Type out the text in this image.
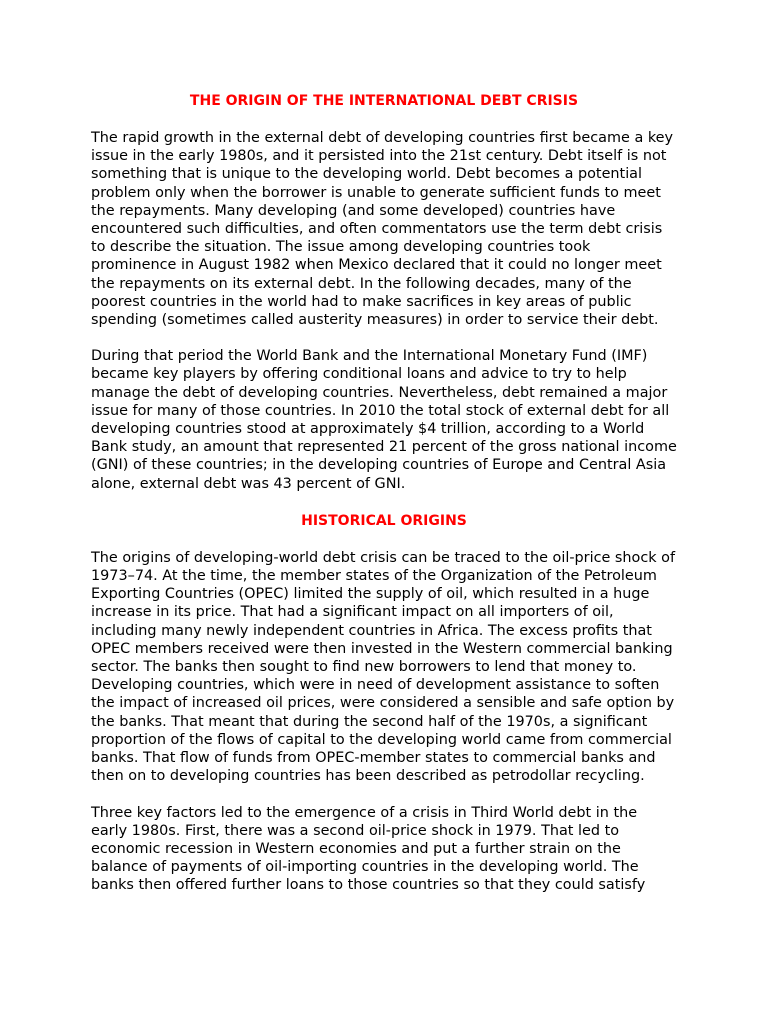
THE ORIGIN OF THE INTERNATIONAL DEBT CRISIS

The rapid growth in the external debt of developing countries first became a key issue in the early 1980s, and it persisted into the 21st century. Debt itself is not something that is unique to the developing world. Debt becomes a potential problem only when the borrower is unable to generate sufficient funds to meet the repayments. Many developing (and some developed) countries have encountered such difficulties, and often commentators use the term debt crisis to describe the situation. The issue among developing countries took prominence in August 1982 when Mexico declared that it could no longer meet the repayments on its external debt. In the following decades, many of the poorest countries in the world had to make sacrifices in key areas of public spending (sometimes called austerity measures) in order to service their debt.

During that period the World Bank and the International Monetary Fund (IMF) became key players by offering conditional loans and advice to try to help manage the debt of developing countries. Nevertheless, debt remained a major issue for many of those countries. In 2010 the total stock of external debt for all developing countries stood at approximately $4 trillion, according to a World Bank study, an amount that represented 21 percent of the gross national income (GNI) of these countries; in the developing countries of Europe and Central Asia alone, external debt was 43 percent of GNI.

HISTORICAL ORIGINS

The origins of developing-world debt crisis can be traced to the oil-price shock of 1973–74. At the time, the member states of the Organization of the Petroleum Exporting Countries (OPEC) limited the supply of oil, which resulted in a huge increase in its price. That had a significant impact on all importers of oil, including many newly independent countries in Africa. The excess profits that OPEC members received were then invested in the Western commercial banking sector. The banks then sought to find new borrowers to lend that money to. Developing countries, which were in need of development assistance to soften the impact of increased oil prices, were considered a sensible and safe option by the banks. That meant that during the second half of the 1970s, a significant proportion of the flows of capital to the developing world came from commercial banks. That flow of funds from OPEC-member states to commercial banks and then on to developing countries has been described as petrodollar recycling.

Three key factors led to the emergence of a crisis in Third World debt in the early 1980s. First, there was a second oil-price shock in 1979. That led to economic recession in Western economies and put a further strain on the balance of payments of oil-importing countries in the developing world. The banks then offered further loans to those countries so that they could satisfy
